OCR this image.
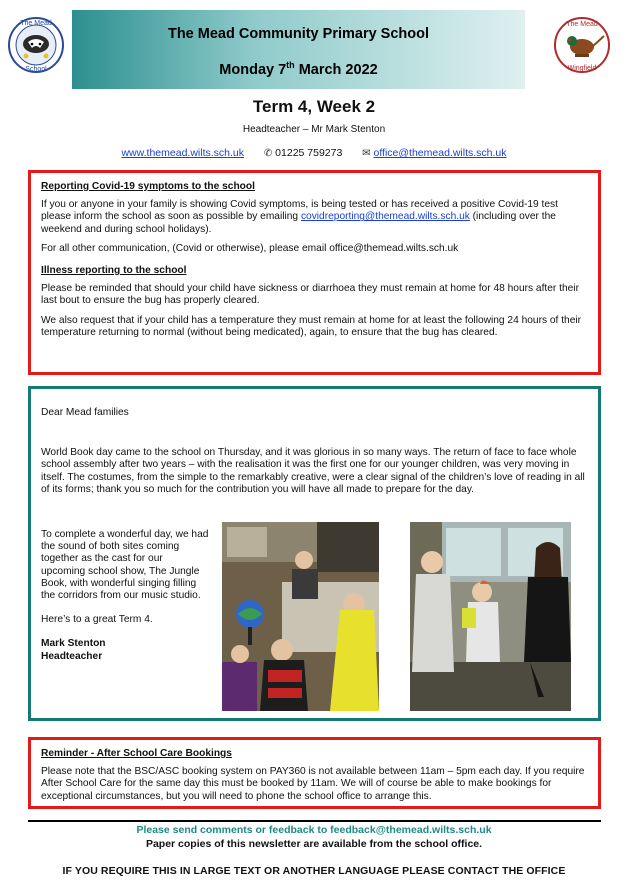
The Mead
School
The Mead Community Primary School
Monday 7th March 2022
The Mead
Wingfield
Term 4, Week 2
Headteacher – Mr Mark Stenton
www.themead.wilts.sch.uk ✆ 01225 759273 ✉ office@themead.wilts.sch.uk
Reporting Covid-19 symptoms to the school

If you or anyone in your family is showing Covid symptoms, is being tested or has received a positive Covid-19 test please inform the school as soon as possible by emailing covidreporting@themead.wilts.sch.uk (including over the weekend and during school holidays).

For all other communication, (Covid or otherwise), please email office@themead.wilts.sch.uk

Illness reporting to the school

Please be reminded that should your child have sickness or diarrhoea they must remain at home for 48 hours after their last bout to ensure the bug has properly cleared.

We also request that if your child has a temperature they must remain at home for at least the following 24 hours of their temperature returning to normal (without being medicated), again, to ensure that the bug has cleared.

Dear Mead families

World Book day came to the school on Thursday, and it was glorious in so many ways. The return of face to face whole school assembly after two years – with the realisation it was the first one for our younger children, was very moving in itself. The costumes, from the simple to the remarkably creative, were a clear signal of the children’s love of reading in all of its forms; thank you so much for the contribution you will have all made to prepare for the day.

To complete a wonderful day, we had the sound of both sites coming together as the cast for our upcoming school show, The Jungle Book, with wonderful singing filling the corridors from our music studio.

Here’s to a great Term 4.

Mark Stenton
Headteacher
Reminder - After School Care Bookings

Please note that the BSC/ASC booking system on PAY360 is not available between 11am – 5pm each day. If you require After School Care for the same day this must be booked by 11am. We will of course be able to make bookings for exceptional circumstances, but you will need to phone the school office to arrange this.

Please send comments or feedback to feedback@themead.wilts.sch.uk
Paper copies of this newsletter are available from the school office.
IF YOU REQUIRE THIS IN LARGE TEXT OR ANOTHER LANGUAGE PLEASE CONTACT THE OFFICE
